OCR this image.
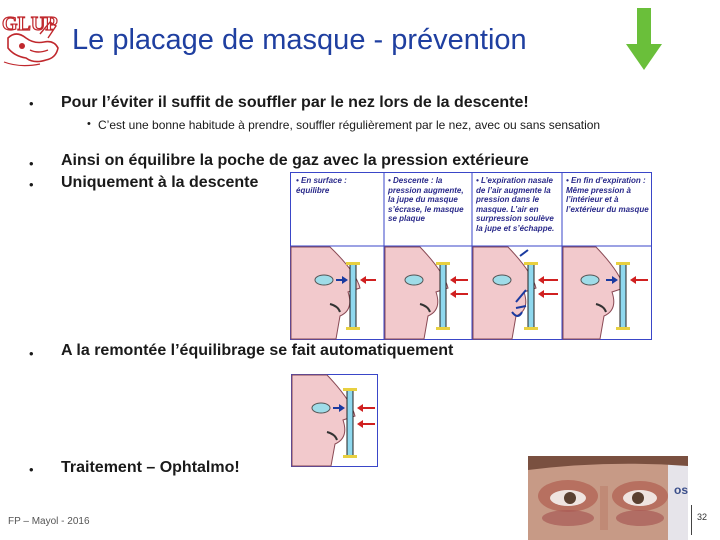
GLUP Le placage de masque - prévention
• Pour l’éviter il suffit de souffler par le nez lors de la descente!
• C’est une bonne habitude à prendre, souffler régulièrement par le nez, avec ou sans sensation
• Ainsi on équilibre la poche de gaz avec la pression extérieure
• Uniquement à la descente	• En surface : équilibre
• Descente : la pression augmente, la jupe du masque s’écrase, le masque se plaque
• L’expiration nasale de l’air augmente la pression dans le masque. L’air en surpression soulève la jupe et s’échappe.
• En fin d’expiration : Même pression à l’intérieur et à l’extérieur du masque
• A la remontée l’équilibrage se fait automatiquement
• Traitement – Ophtalmo!
os
FP – Mayol - 2016	32
